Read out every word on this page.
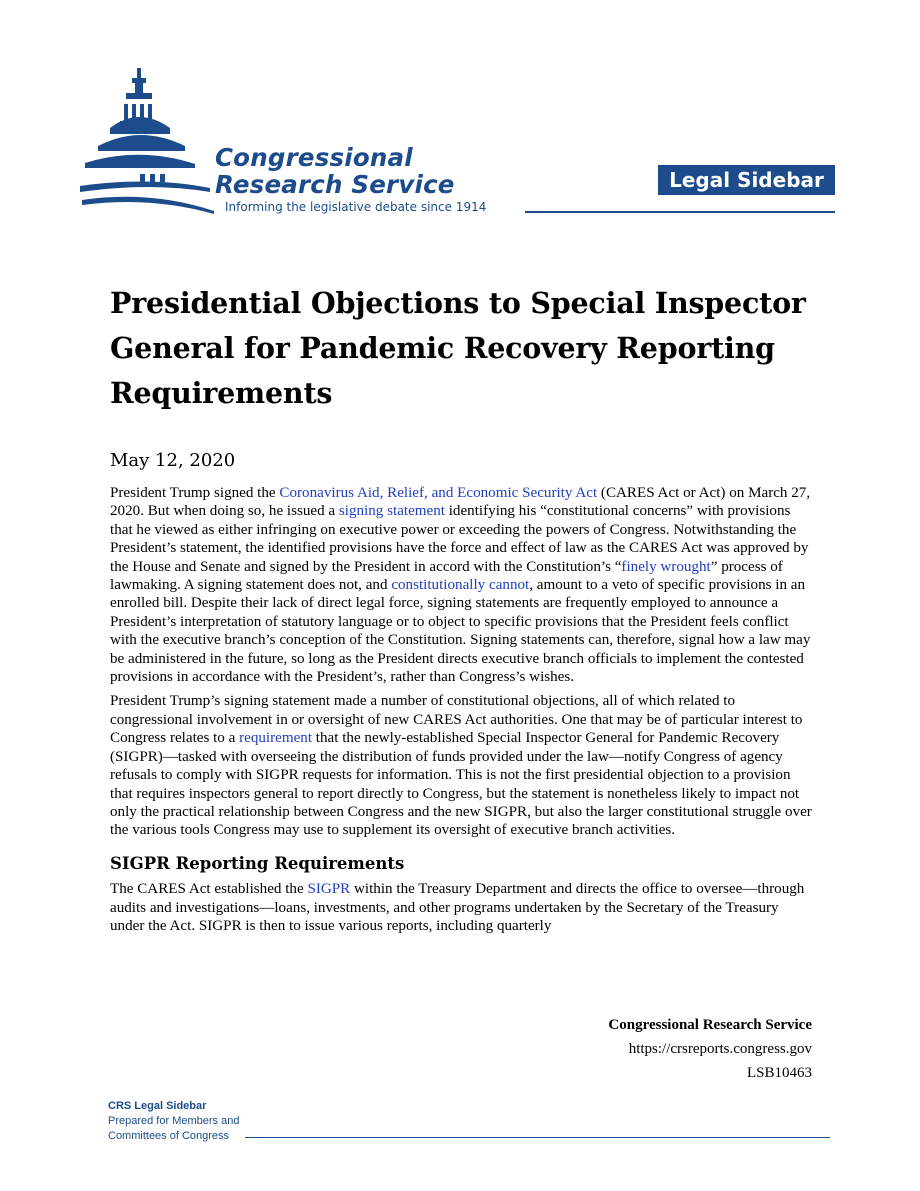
Congressional
Research Service
Informing the legislative debate since 1914
Legal Sidebar
Presidential Objections to Special Inspector General for Pandemic Recovery Reporting Requirements
May 12, 2020

President Trump signed the Coronavirus Aid, Relief, and Economic Security Act (CARES Act or Act) on March 27, 2020. But when doing so, he issued a signing statement identifying his “constitutional concerns” with provisions that he viewed as either infringing on executive power or exceeding the powers of Congress. Notwithstanding the President’s statement, the identified provisions have the force and effect of law as the CARES Act was approved by the House and Senate and signed by the President in accord with the Constitution’s “finely wrought” process of lawmaking. A signing statement does not, and constitutionally cannot, amount to a veto of specific provisions in an enrolled bill. Despite their lack of direct legal force, signing statements are frequently employed to announce a President’s interpretation of statutory language or to object to specific provisions that the President feels conflict with the executive branch’s conception of the Constitution. Signing statements can, therefore, signal how a law may be administered in the future, so long as the President directs executive branch officials to implement the contested provisions in accordance with the President’s, rather than Congress’s wishes.

President Trump’s signing statement made a number of constitutional objections, all of which related to congressional involvement in or oversight of new CARES Act authorities. One that may be of particular interest to Congress relates to a requirement that the newly-established Special Inspector General for Pandemic Recovery (SIGPR)—tasked with overseeing the distribution of funds provided under the law—notify Congress of agency refusals to comply with SIGPR requests for information. This is not the first presidential objection to a provision that requires inspectors general to report directly to Congress, but the statement is nonetheless likely to impact not only the practical relationship between Congress and the new SIGPR, but also the larger constitutional struggle over the various tools Congress may use to supplement its oversight of executive branch activities.

SIGPR Reporting Requirements

The CARES Act established the SIGPR within the Treasury Department and directs the office to oversee—through audits and investigations—loans, investments, and other programs undertaken by the Secretary of the Treasury under the Act. SIGPR is then to issue various reports, including quarterly

Congressional Research Service
https://crsreports.congress.gov
LSB10463
CRS Legal Sidebar
Prepared for Members and
Committees of Congress
